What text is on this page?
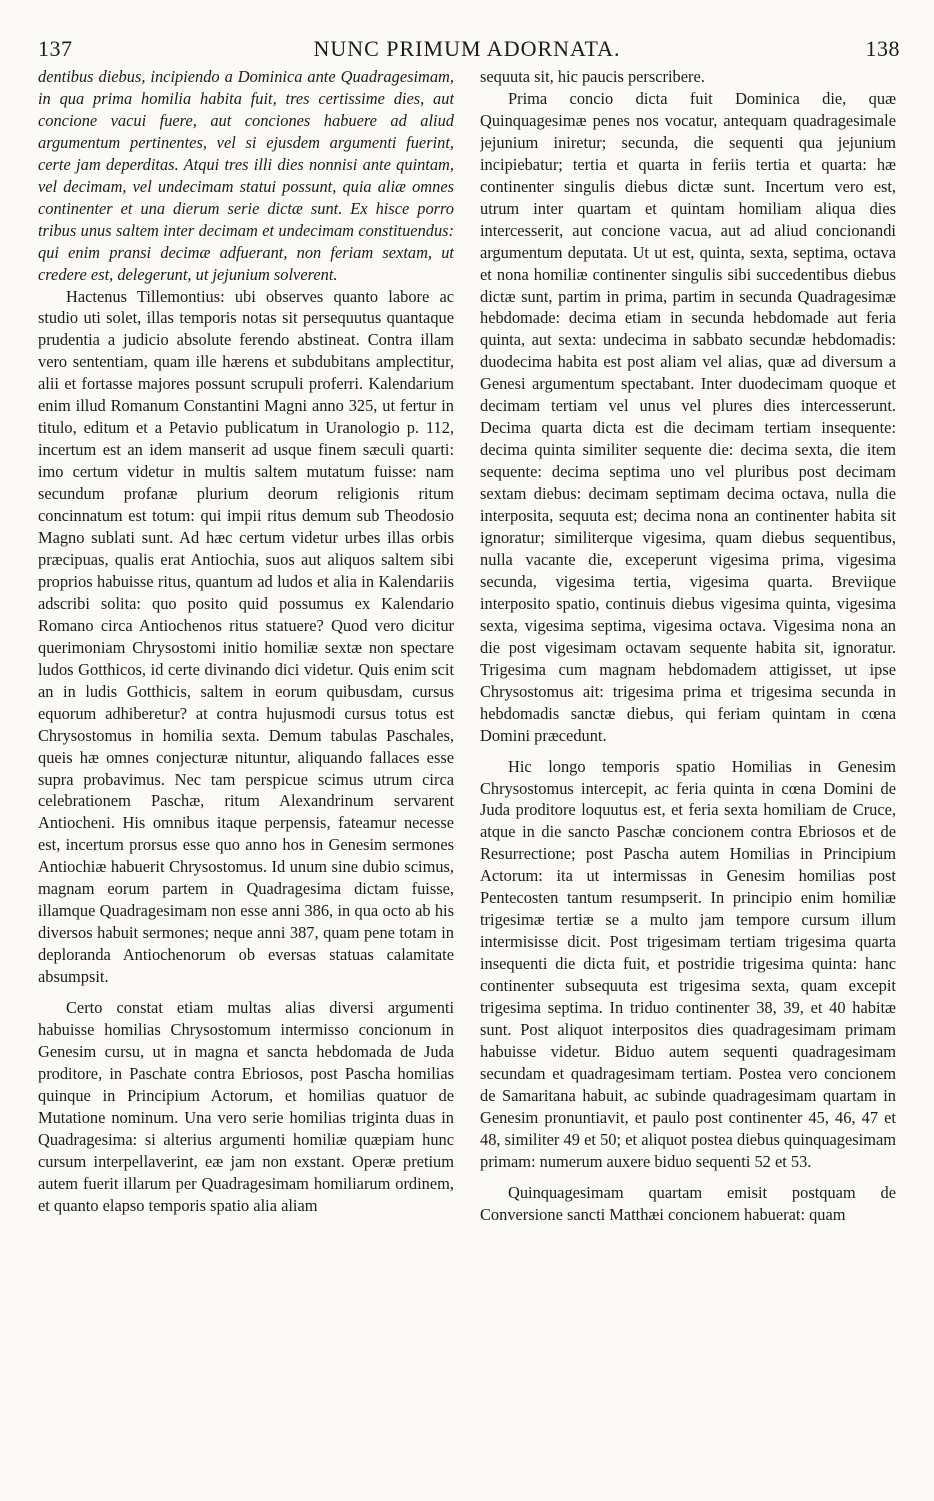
137	NUNC PRIMUM ADORNATA.	138

dentibus diebus, incipiendo a Dominica ante Quadragesimam, in qua prima homilia habita fuit, tres certissime dies, aut concione vacui fuere, aut conciones habuere ad aliud argumentum pertinentes, vel si ejusdem argumenti fuerint, certe jam deperditas. Atqui tres illi dies nonnisi ante quintam, vel decimam, vel undecimam statui possunt, quia aliæ omnes continenter et una dierum serie dictæ sunt. Ex hisce porro tribus unus saltem inter decimam et undecimam constituendus: qui enim pransi decimæ adfuerant, non feriam sextam, ut credere est, delegerunt, ut jejunium solverent.

Hactenus Tillemontius: ubi observes quanto labore ac studio uti solet, illas temporis notas sit persequutus quantaque prudentia a judicio absolute ferendo abstineat. Contra illam vero sententiam, quam ille hærens et subdubitans amplectitur, alii et fortasse majores possunt scrupuli proferri. Kalendarium enim illud Romanum Constantini Magni anno 325, ut fertur in titulo, editum et a Petavio publicatum in Uranologio p. 112, incertum est an idem manserit ad usque finem sæculi quarti: imo certum videtur in multis saltem mutatum fuisse: nam secundum profanæ plurium deorum religionis ritum concinnatum est totum: qui impii ritus demum sub Theodosio Magno sublati sunt. Ad hæc certum videtur urbes illas orbis præcipuas, qualis erat Antiochia, suos aut aliquos saltem sibi proprios habuisse ritus, quantum ad ludos et alia in Kalendariis adscribi solita: quo posito quid possumus ex Kalendario Romano circa Antiochenos ritus statuere? Quod vero dicitur querimoniam Chrysostomi initio homiliæ sextæ non spectare ludos Gotthicos, id certe divinando dici videtur. Quis enim scit an in ludis Gotthicis, saltem in eorum quibusdam, cursus equorum adhiberetur? at contra hujusmodi cursus totus est Chrysostomus in homilia sexta. Demum tabulas Paschales, queis hæ omnes conjecturæ nituntur, aliquando fallaces esse supra probavimus. Nec tam perspicue scimus utrum circa celebrationem Paschæ, ritum Alexandrinum servarent Antiocheni. His omnibus itaque perpensis, fateamur necesse est, incertum prorsus esse quo anno hos in Genesim sermones Antiochiæ habuerit Chrysostomus. Id unum sine dubio scimus, magnam eorum partem in Quadragesima dictam fuisse, illamque Quadragesimam non esse anni 386, in qua octo ab his diversos habuit sermones; neque anni 387, quam pene totam in deploranda Antiochenorum ob eversas statuas calamitate absumpsit.

Certo constat etiam multas alias diversi argumenti habuisse homilias Chrysostomum intermisso concionum in Genesim cursu, ut in magna et sancta hebdomada de Juda proditore, in Paschate contra Ebriosos, post Pascha homilias quinque in Principium Actorum, et homilias quatuor de Mutatione nominum. Una vero serie homilias triginta duas in Quadragesima: si alterius argumenti homiliæ quæpiam hunc cursum interpellaverint, eæ jam non exstant. Operæ pretium autem fuerit illarum per Quadragesimam homiliarum ordinem, et quanto elapso temporis spatio alia aliam

sequuta sit, hic paucis perscribere.

Prima concio dicta fuit Dominica die, quæ Quinquagesimæ penes nos vocatur, antequam quadragesimale jejunium iniretur; secunda, die sequenti qua jejunium incipiebatur; tertia et quarta in feriis tertia et quarta: hæ continenter singulis diebus dictæ sunt. Incertum vero est, utrum inter quartam et quintam homiliam aliqua dies intercesserit, aut concione vacua, aut ad aliud concionandi argumentum deputata. Ut ut est, quinta, sexta, septima, octava et nona homiliæ continenter singulis sibi succedentibus diebus dictæ sunt, partim in prima, partim in secunda Quadragesimæ hebdomade: decima etiam in secunda hebdomade aut feria quinta, aut sexta: undecima in sabbato secundæ hebdomadis: duodecima habita est post aliam vel alias, quæ ad diversum a Genesi argumentum spectabant. Inter duodecimam quoque et decimam tertiam vel unus vel plures dies intercesserunt. Decima quarta dicta est die decimam tertiam insequente: decima quinta similiter sequente die: decima sexta, die item sequente: decima septima uno vel pluribus post decimam sextam diebus: decimam septimam decima octava, nulla die interposita, sequuta est; decima nona an continenter habita sit ignoratur; similiterque vigesima, quam diebus sequentibus, nulla vacante die, exceperunt vigesima prima, vigesima secunda, vigesima tertia, vigesima quarta. Breviique interposito spatio, continuis diebus vigesima quinta, vigesima sexta, vigesima septima, vigesima octava. Vigesima nona an die post vigesimam octavam sequente habita sit, ignoratur. Trigesima cum magnam hebdomadem attigisset, ut ipse Chrysostomus ait: trigesima prima et trigesima secunda in hebdomadis sanctæ diebus, qui feriam quintam in cœna Domini præcedunt.

Hic longo temporis spatio Homilias in Genesim Chrysostomus intercepit, ac feria quinta in cœna Domini de Juda proditore loquutus est, et feria sexta homiliam de Cruce, atque in die sancto Paschæ concionem contra Ebriosos et de Resurrectione; post Pascha autem Homilias in Principium Actorum: ita ut intermissas in Genesim homilias post Pentecosten tantum resumpserit. In principio enim homiliæ trigesimæ tertiæ se a multo jam tempore cursum illum intermisisse dicit. Post trigesimam tertiam trigesima quarta insequenti die dicta fuit, et postridie trigesima quinta: hanc continenter subsequuta est trigesima sexta, quam excepit trigesima septima. In triduo continenter 38, 39, et 40 habitæ sunt. Post aliquot interpositos dies quadragesimam primam habuisse videtur. Biduo autem sequenti quadragesimam secundam et quadragesimam tertiam. Postea vero concionem de Samaritana habuit, ac subinde quadragesimam quartam in Genesim pronuntiavit, et paulo post continenter 45, 46, 47 et 48, similiter 49 et 50; et aliquot postea diebus quinquagesimam primam: numerum auxere biduo sequenti 52 et 53.

Quinquagesimam quartam emisit postquam de Conversione sancti Matthæi concionem habuerat: quam
